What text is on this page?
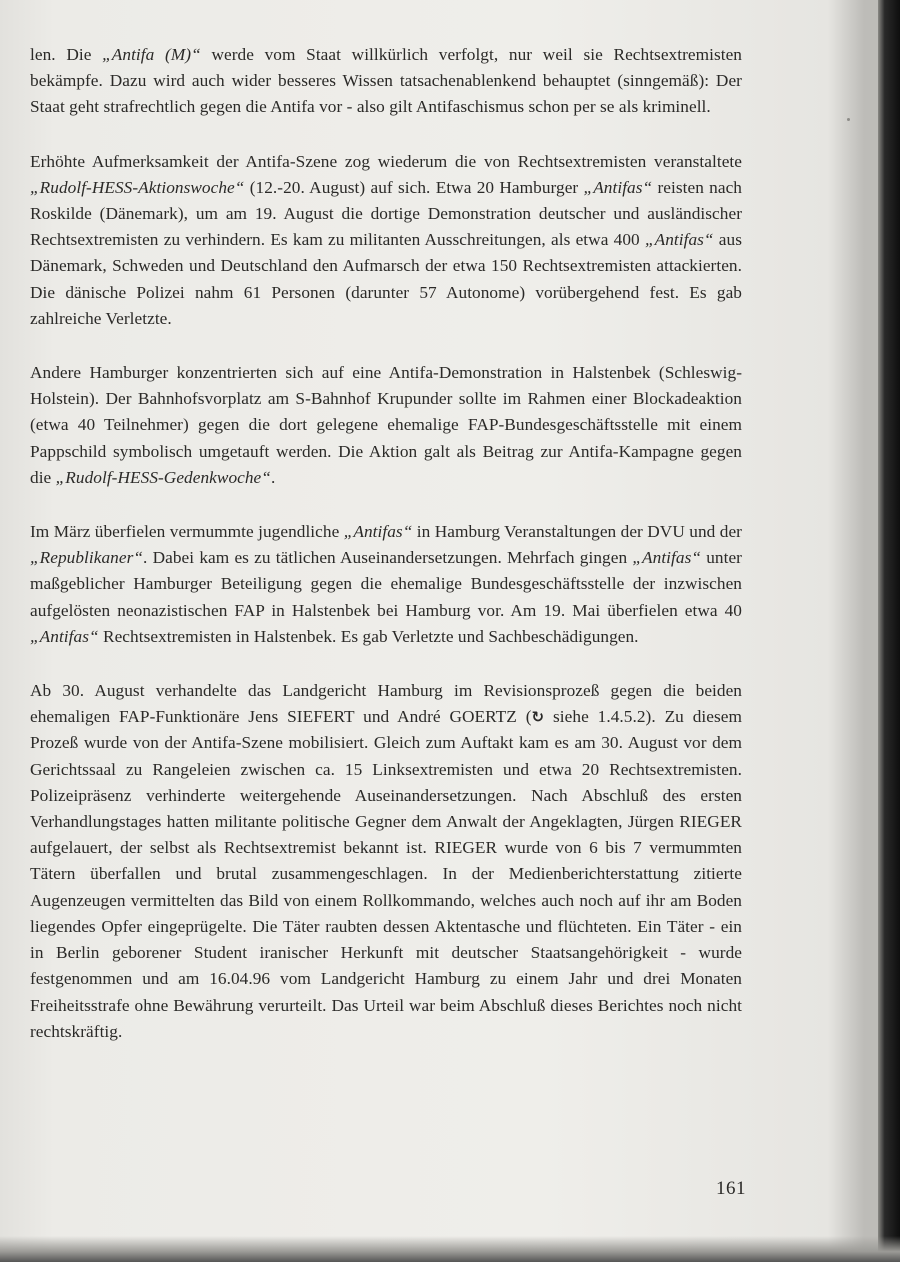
len. Die „Antifa (M)“ werde vom Staat willkürlich verfolgt, nur weil sie Rechtsextremisten bekämpfe. Dazu wird auch wider besseres Wissen tatsachenablenkend behauptet (sinngemäß): Der Staat geht strafrechtlich gegen die Antifa vor - also gilt Antifaschismus schon per se als kriminell.

Erhöhte Aufmerksamkeit der Antifa-Szene zog wiederum die von Rechtsextremisten veranstaltete „Rudolf-HESS-Aktionswoche“ (12.-20. August) auf sich. Etwa 20 Hamburger „Antifas“ reisten nach Roskilde (Dänemark), um am 19. August die dortige Demonstration deutscher und ausländischer Rechtsextremisten zu verhindern. Es kam zu militanten Ausschreitungen, als etwa 400 „Antifas“ aus Dänemark, Schweden und Deutschland den Aufmarsch der etwa 150 Rechtsextremisten attackierten. Die dänische Polizei nahm 61 Personen (darunter 57 Autonome) vorübergehend fest. Es gab zahlreiche Verletzte.

Andere Hamburger konzentrierten sich auf eine Antifa-Demonstration in Halstenbek (Schleswig-Holstein). Der Bahnhofsvorplatz am S-Bahnhof Krupunder sollte im Rahmen einer Blockadeaktion (etwa 40 Teilnehmer) gegen die dort gelegene ehemalige FAP-Bundesgeschäftsstelle mit einem Pappschild symbolisch umgetauft werden. Die Aktion galt als Beitrag zur Antifa-Kampagne gegen die „Rudolf-HESS-Gedenkwoche“.

Im März überfielen vermummte jugendliche „Antifas“ in Hamburg Veranstaltungen der DVU und der „Republikaner“. Dabei kam es zu tätlichen Auseinandersetzungen. Mehrfach gingen „Antifas“ unter maßgeblicher Hamburger Beteiligung gegen die ehemalige Bundesgeschäftsstelle der inzwischen aufgelösten neonazistischen FAP in Halstenbek bei Hamburg vor. Am 19. Mai überfielen etwa 40 „Antifas“ Rechtsextremisten in Halstenbek. Es gab Verletzte und Sachbeschädigungen.

Ab 30. August verhandelte das Landgericht Hamburg im Revisionsprozeß gegen die beiden ehemaligen FAP-Funktionäre Jens SIEFERT und André GOERTZ (↻ siehe 1.4.5.2). Zu diesem Prozeß wurde von der Antifa-Szene mobilisiert. Gleich zum Auftakt kam es am 30. August vor dem Gerichtssaal zu Rangeleien zwischen ca. 15 Linksextremisten und etwa 20 Rechtsextremisten. Polizeipräsenz verhinderte weitergehende Auseinandersetzungen. Nach Abschluß des ersten Verhandlungstages hatten militante politische Gegner dem Anwalt der Angeklagten, Jürgen RIEGER aufgelauert, der selbst als Rechtsextremist bekannt ist. RIEGER wurde von 6 bis 7 vermummten Tätern überfallen und brutal zusammengeschlagen. In der Medienberichterstattung zitierte Augenzeugen vermittelten das Bild von einem Rollkommando, welches auch noch auf ihr am Boden liegendes Opfer eingeprügelte. Die Täter raubten dessen Aktentasche und flüchteten. Ein Täter - ein in Berlin geborener Student iranischer Herkunft mit deutscher Staatsangehörigkeit - wurde festgenommen und am 16.04.96 vom Landgericht Hamburg zu einem Jahr und drei Monaten Freiheitsstrafe ohne Bewährung verurteilt. Das Urteil war beim Abschluß dieses Berichtes noch nicht rechtskräftig.

161
